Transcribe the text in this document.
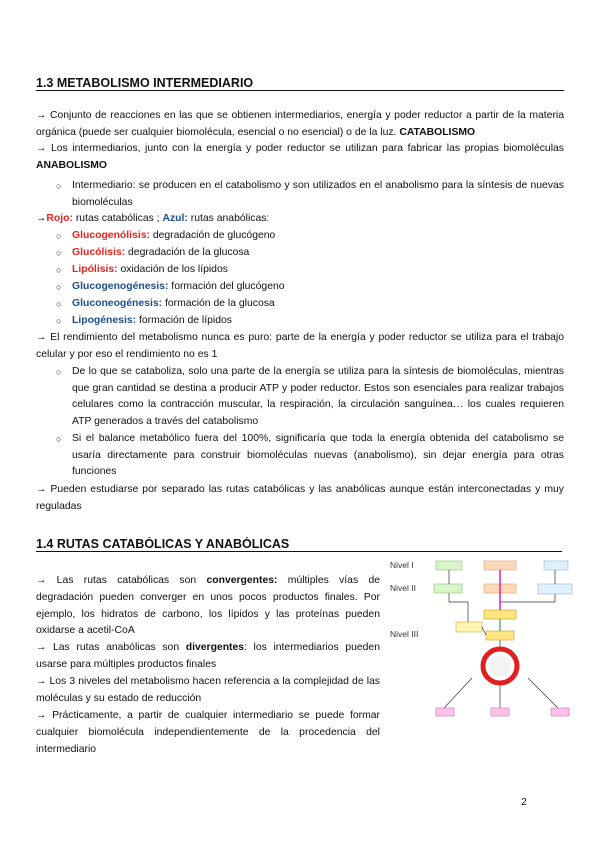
1.3 METABOLISMO INTERMEDIARIO
→ Conjunto de reacciones en las que se obtienen intermediarios, energía y poder reductor a partir de la materia orgánica (puede ser cualquier biomolécula, esencial o no esencial) o de la luz. CATABOLISMO
→ Los intermediarios, junto con la energía y poder reductor se utilizan para fabricar las propias biomoléculas ANABOLISMO
○ Intermediario: se producen en el catabolismo y son utilizados en el anabolismo para la síntesis de nuevas biomoléculas
→Rojo: rutas catabólicas ; Azul: rutas anabólicas:
○ Glucogenólisis: degradación de glucógeno
○ Glucólisis: degradación de la glucosa
○ Lipólisis: oxidación de los lípidos
○ Glucogenogénesis: formación del glucógeno
○ Gluconeogénesis: formación de la glucosa
○ Lipogénesis: formación de lípidos
→ El rendimiento del metabolismo nunca es puro: parte de la energía y poder reductor se utiliza para el trabajo celular y por eso el rendimiento no es 1
○ De lo que se cataboliza, solo una parte de la energía se utiliza para la síntesis de biomoléculas, mientras que gran cantidad se destina a producir ATP y poder reductor. Estos son esenciales para realizar trabajos celulares como la contracción muscular, la respiración, la circulación sanguínea… los cuales requieren ATP generados a través del catabolismo
○ Si el balance metabólico fuera del 100%, significaría que toda la energía obtenida del catabolismo se usaría directamente para construir biomoléculas nuevas (anabolismo), sin dejar energía para otras funciones
→ Pueden estudiarse por separado las rutas catabólicas y las anabólicas aunque están interconectadas y muy reguladas
1.4 RUTAS CATABÓLICAS Y ANABÓLICAS
→ Las rutas catabólicas son convergentes: múltiples vías de degradación pueden converger en unos pocos productos finales. Por ejemplo, los hidratos de carbono, los lípidos y las proteínas pueden oxidarse a acetil-CoA
→ Las rutas anabólicas son divergentes: los intermediarios pueden usarse para múltiples productos finales
→ Los 3 niveles del metabolismo hacen referencia a la complejidad de las moléculas y su estado de reducción
→ Prácticamente, a partir de cualquier intermediario se puede formar cualquier biomolécula independientemente de la procedencia del intermediario
Nivel I
Nivel II
Nivel III
2
